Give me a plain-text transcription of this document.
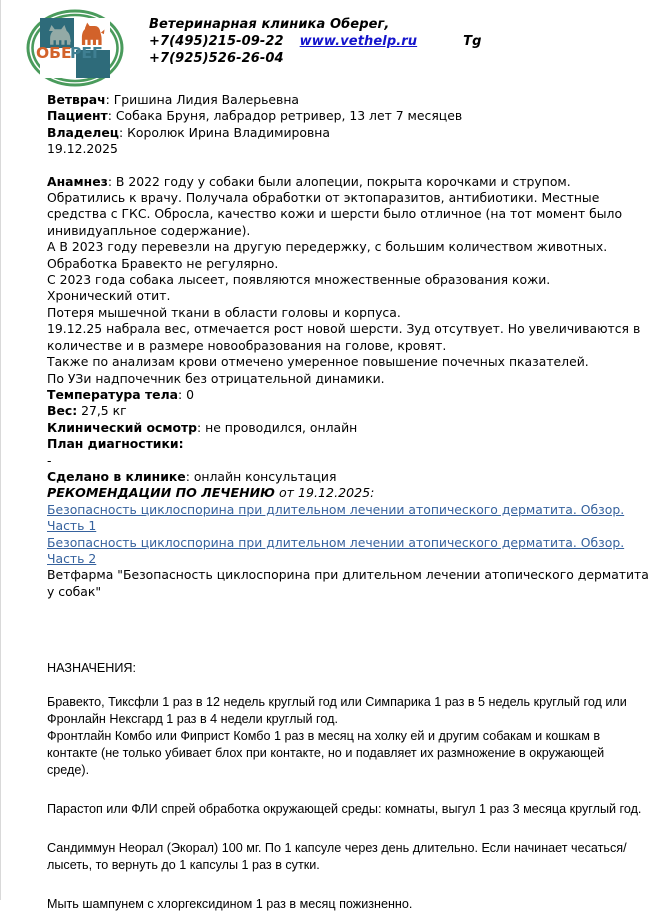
ОБЕ
РЕГ
Ветеринарная клиника Оберег,
+7(495)215-09-22 www.vethelp.ru	Tg
+7(925)526-26-04

Ветврач: Гришина Лидия Валерьевна

Пациент: Собака Бруня, лабрадор ретривер, 13 лет 7 месяцев

Владелец: Королюк Ирина Владимировна

19.12.2025

Анамнез: В 2022 году у собаки были алопеции, покрыта корочками и струпом. Обратились к врачу. Получала обработки от эктопаразитов, антибиотики. Местные средства с ГКС. Обросла, качество кожи и шерсти было отличное (на тот момент было инивидуапльное содержание).

А В 2023 году перевезли на другую передержку, с большим количеством животных. Обработка Бравекто не регулярно.

С 2023 года собака лысеет, появляются множественные образования кожи.

Хронический отит.

Потеря мышечной ткани в области головы и корпуса.

19.12.25 набрала вес, отмечается рост новой шерсти. Зуд отсутвует. Но увеличиваются в количестве и в размере новообразования на голове, кровят.

Также по анализам крови отмечено умеренное повышение почечных пказателей.

По УЗи надпочечник без отрицательной динамики.

Температура тела: 0

Вес: 27,5 кг

Клинический осмотр: не проводился, онлайн

План диагностики:

-

Сделано в клинике: онлайн консультация

РЕКОМЕНДАЦИИ ПО ЛЕЧЕНИЮ от 19.12.2025:

Безопасность циклоспорина при длительном лечении атопического дерматита. Обзор. Часть 1
Безопасность циклоспорина при длительном лечении атопического дерматита. Обзор. Часть 2
Ветфарма "Безопасность циклоспорина при длительном лечении атопического дерматита у собак"
НАЗНАЧЕНИЯ:
Бравекто, Тиксфли 1 раз в 12 недель круглый год или Симпарика 1 раз в 5 недель круглый год или Фронлайн Нексгард 1 раз в 4 недели круглый год.
Фронтлайн Комбо или Фиприст Комбо 1 раз в месяц на холку ей и другим собакам и кошкам в контакте (не только убивает блох при контакте, но и подавляет их размножение в окружающей среде).
Парастоп или ФЛИ спрей обработка окружающей среды: комнаты, выгул 1 раз 3 месяца круглый год.
Сандиммун Неорал (Экорал) 100 мг. По 1 капсуле через день длительно. Если начинает чесаться/лысеть, то вернуть до 1 капсулы 1 раз в сутки.
Мыть шампунем с хлоргексидином 1 раз в месяц пожизненно.
